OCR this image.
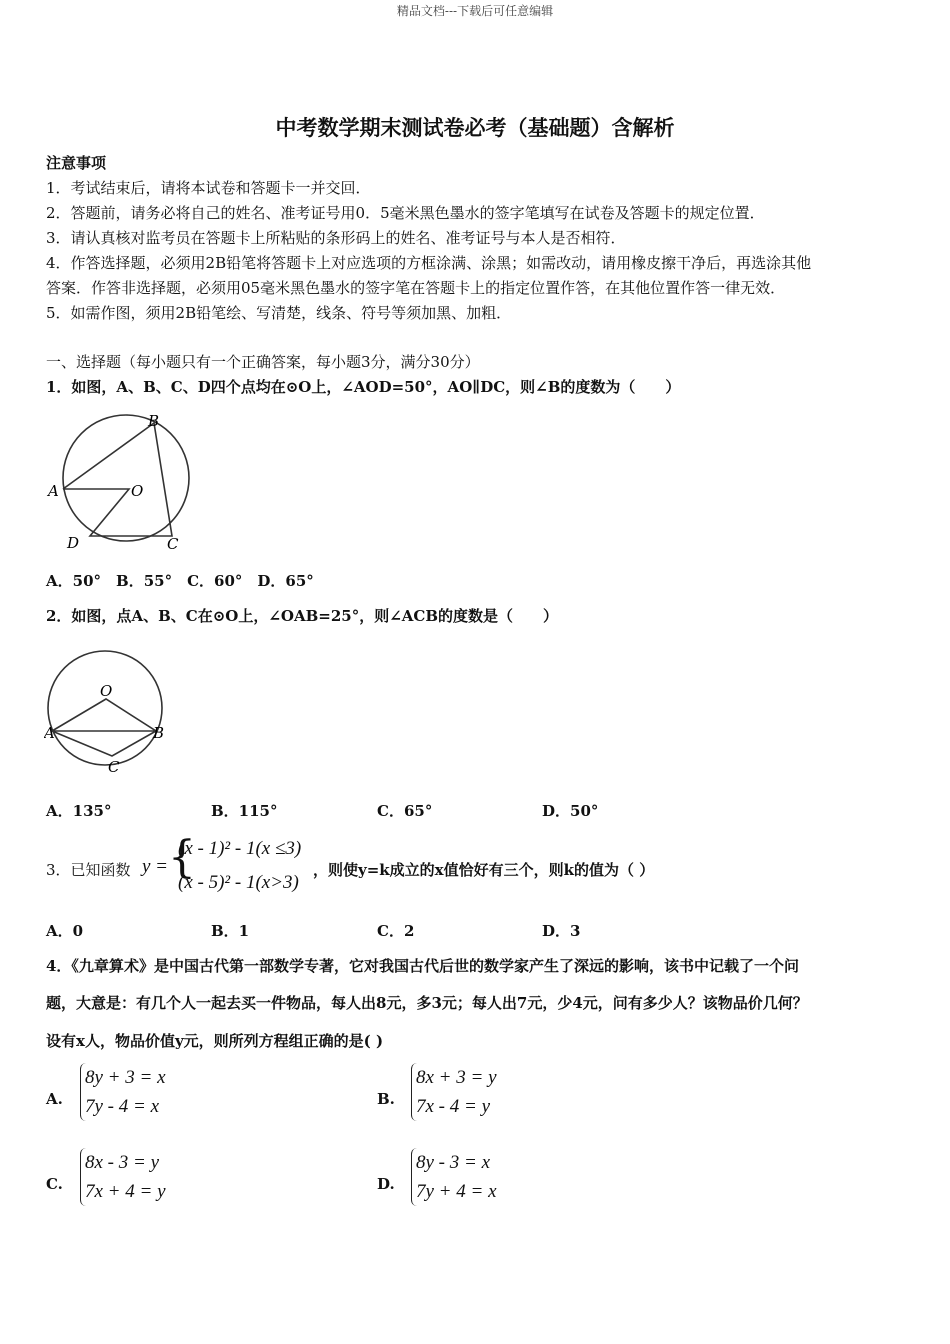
精品文档---下载后可任意编辑
中考数学期末测试卷必考（基础题）含解析
注意事项
1．考试结束后，请将本试卷和答题卡一并交回．
2．答题前，请务必将自己的姓名、准考证号用0．5毫米黑色墨水的签字笔填写在试卷及答题卡的规定位置．
3．请认真核对监考员在答题卡上所粘贴的条形码上的姓名、准考证号与本人是否相符．
4．作答选择题，必须用2B铅笔将答题卡上对应选项的方框涂满、涂黑；如需改动，请用橡皮擦干净后，再选涂其他
答案．作答非选择题，必须用05毫米黑色墨水的签字笔在答题卡上的指定位置作答，在其他位置作答一律无效．
5．如需作图，须用2B铅笔绘、写清楚，线条、符号等须加黑、加粗．
一、选择题（每小题只有一个正确答案，每小题3分，满分30分）
1．如图，A、B、C、D四个点均在⊙O上，∠AOD=50°，AO∥DC，则∠B的度数为（　　）
B
A	O
D	C
A．50°　B．55°　C．60°　D．65°
2．如图，点A、B、C在⊙O上，∠OAB=25°，则∠ACB的度数是（　　）
O
A	B
C
A．135°	B．115°	C．65°	D．50°
3．已知函数 y = {
(x - 1)² - 1(x ≤3)
(x - 5)² - 1(x>3)
，则使y=k成立的x值恰好有三个，则k的值为（ ）
A．0	B．1	C．2	D．3
4．《九章算术》是中国古代第一部数学专著，它对我国古代后世的数学家产生了深远的影响，该书中记载了一个问
题，大意是：有几个人一起去买一件物品，每人出8元，多3元；每人出7元，少4元，问有多少人？该物品价几何？
设有x人，物品价值y元，则所列方程组正确的是( )
A.
8y + 3 = x
7y - 4 = x	B.
8x + 3 = y
7x - 4 = y
C.
8x - 3 = y
7x + 4 = y	D.
8y - 3 = x
7y + 4 = x
